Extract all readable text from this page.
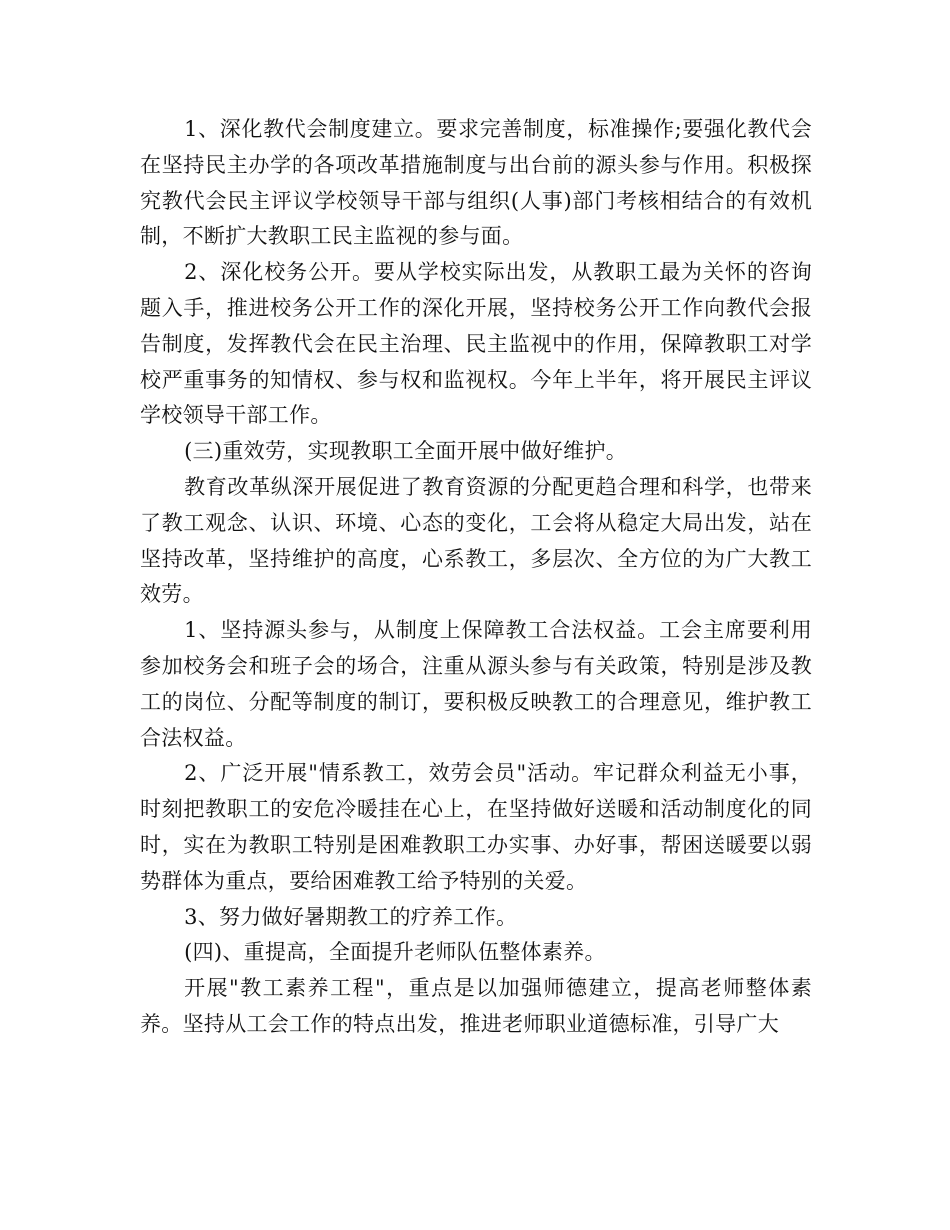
1、深化教代会制度建立。要求完善制度，标准操作;要强化教代会在坚持民主办学的各项改革措施制度与出台前的源头参与作用。积极探究教代会民主评议学校领导干部与组织(人事)部门考核相结合的有效机制，不断扩大教职工民主监视的参与面。

2、深化校务公开。要从学校实际出发，从教职工最为关怀的咨询题入手，推进校务公开工作的深化开展，坚持校务公开工作向教代会报告制度，发挥教代会在民主治理、民主监视中的作用，保障教职工对学校严重事务的知情权、参与权和监视权。今年上半年，将开展民主评议学校领导干部工作。

(三)重效劳，实现教职工全面开展中做好维护。

教育改革纵深开展促进了教育资源的分配更趋合理和科学，也带来了教工观念、认识、环境、心态的变化，工会将从稳定大局出发，站在坚持改革，坚持维护的高度，心系教工，多层次、全方位的为广大教工效劳。

1、坚持源头参与，从制度上保障教工合法权益。工会主席要利用参加校务会和班子会的场合，注重从源头参与有关政策，特别是涉及教工的岗位、分配等制度的制订，要积极反映教工的合理意见，维护教工合法权益。

2、广泛开展"情系教工，效劳会员"活动。牢记群众利益无小事，时刻把教职工的安危冷暖挂在心上，在坚持做好送暖和活动制度化的同时，实在为教职工特别是困难教职工办实事、办好事，帮困送暖要以弱势群体为重点，要给困难教工给予特别的关爱。

3、努力做好暑期教工的疗养工作。

(四)、重提高，全面提升老师队伍整体素养。

开展"教工素养工程"，重点是以加强师德建立，提高老师整体素养。坚持从工会工作的特点出发，推进老师职业道德标准，引导广大
